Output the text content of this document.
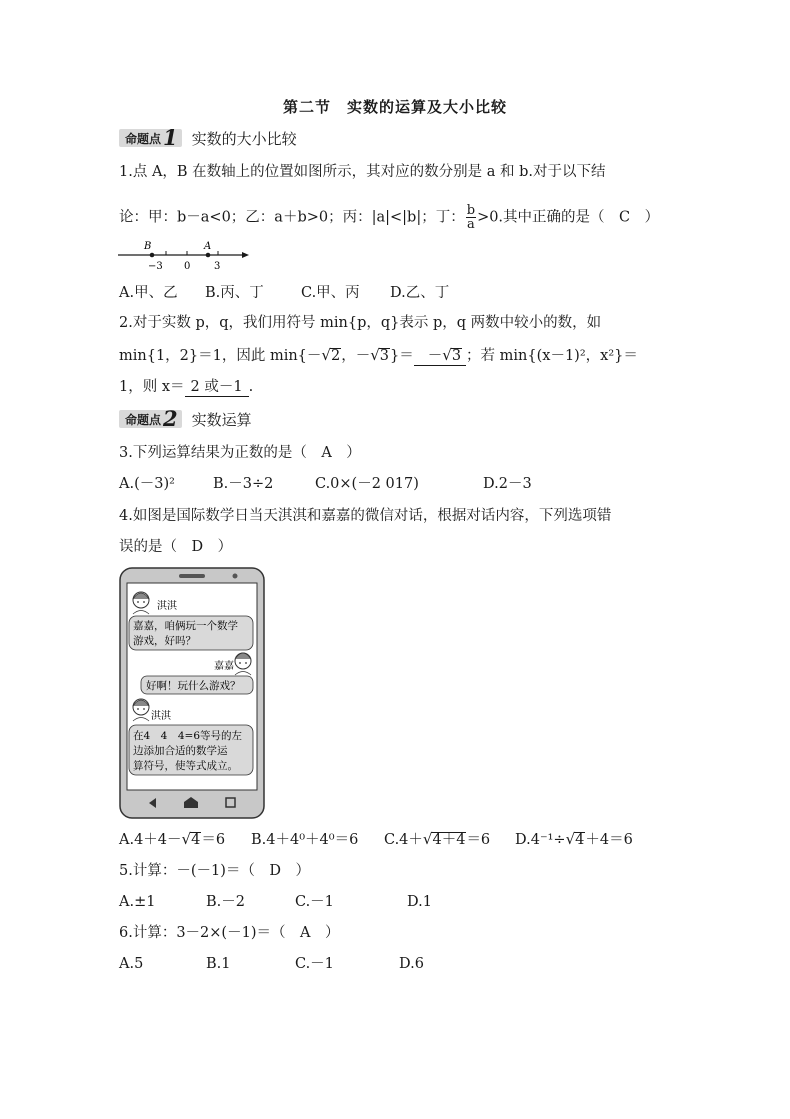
第二节　实数的运算及大小比较
命题点 1 实数的大小比较
1.点 A，B 在数轴上的位置如图所示，其对应的数分别是 a 和 b.对于以下结
论：甲：b－a<0；乙：a＋b>0；丙：|a|<|b|；丁： $\frac{b}{a} >0$.其中正确的是（　C　）
B	A
−3 0 3
A.甲、乙 B.丙、丁	C.甲、丙 D.乙、丁
2.对于实数 p，q，我们用符号 min{p，q}表示 p，q 两数中较小的数，如
min{1，2}＝1，因此 min{－√2，－√3}＝ －√3 ；若 min{(x－1)²，x²}＝
1，则 x＝ 2 或－1 .
命题点 2 实数运算
3.下列运算结果为正数的是（　A　）
A.(－3)²	B.－3÷2	C.0×(－2 017)	D.2－3
4.如图是国际数学日当天淇淇和嘉嘉的微信对话，根据对话内容，下列选项错
误的是（　D　）
淇淇
嘉嘉，咱俩玩一个数学
游戏，好吗？
嘉嘉
好啊！玩什么游戏？
淇淇
在4　4　4=6等号的左
边添加合适的数学运
算符号，使等式成立。
A.4＋4－√4＝6 B.4＋4⁰＋4⁰＝6 C.4＋√4＋4＝6 D.4⁻¹÷√4＋4＝6
5.计算：－(－1)＝（　D　）
A.±1	B.－2	C.－1	D.1
6.计算：3－2×(－1)＝（　A　）
A.5	B.1	C.－1	D.6
